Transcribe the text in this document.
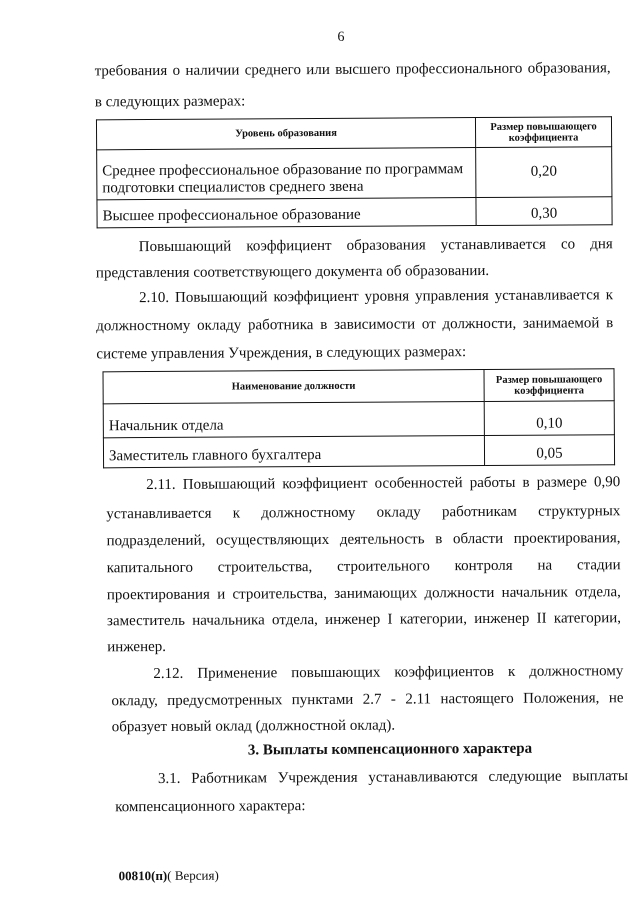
6
требования о наличии среднего или высшего профессионального образования,
в следующих размерах:
Уровень образования	Размер повышающего коэффициента
Среднее профессиональное образование по программам подготовки специалистов среднего звена	0,20
Высшее профессиональное образование	0,30
Повышающий коэффициент образования устанавливается со дня
представления соответствующего документа об образовании.
2.10. Повышающий коэффициент уровня управления устанавливается к
должностному окладу работника в зависимости от должности, занимаемой в
системе управления Учреждения, в следующих размерах:
Наименование должности	Размер повышающего коэффициента
Начальник отдела	0,10
Заместитель главного бухгалтера	0,05
2.11. Повышающий коэффициент особенностей работы в размере 0,90
устанавливается к должностному окладу работникам структурных
подразделений, осуществляющих деятельность в области проектирования,
капитального строительства, строительного контроля на стадии
проектирования и строительства, занимающих должности начальник отдела,
заместитель начальника отдела, инженер I категории, инженер II категории,
инженер.
2.12. Применение повышающих коэффициентов к должностному
окладу, предусмотренных пунктами 2.7 - 2.11 настоящего Положения, не
образует новый оклад (должностной оклад).
3. Выплаты компенсационного характера
3.1. Работникам Учреждения устанавливаются следующие выплаты
компенсационного характера:
00810(п)( Версия)
